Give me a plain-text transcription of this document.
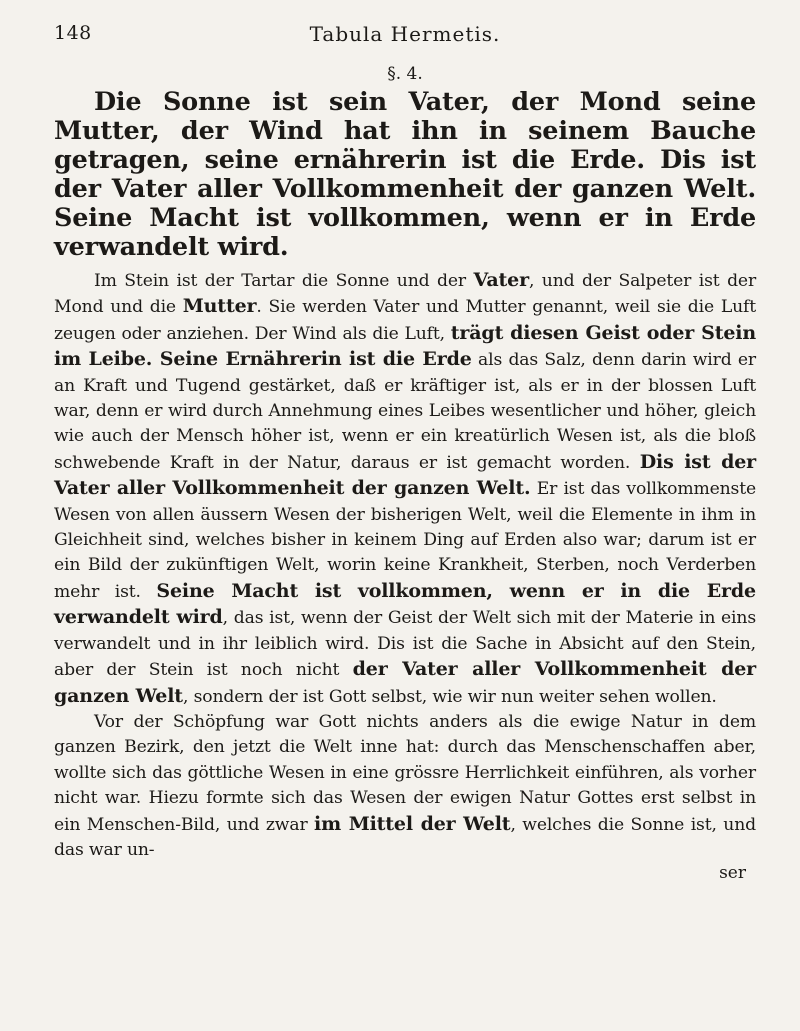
148	Tabula Hermetis.
§. 4.

Die Sonne ist sein Vater, der Mond seine Mutter, der Wind hat ihn in seinem Bauche getragen, seine ernährerin ist die Erde. Dis ist der Vater aller Vollkommenheit der ganzen Welt. Seine Macht ist vollkommen, wenn er in Erde verwandelt wird.

Im Stein ist der Tartar die Sonne und der Vater, und der Salpeter ist der Mond und die Mutter. Sie werden Vater und Mutter genannt, weil sie die Luft zeugen oder anziehen. Der Wind als die Luft, trägt diesen Geist oder Stein im Leibe. Seine Ernährerin ist die Erde als das Salz, denn darin wird er an Kraft und Tugend gestärket, daß er kräftiger ist, als er in der blossen Luft war, denn er wird durch Annehmung eines Leibes wesentlicher und höher, gleich wie auch der Mensch höher ist, wenn er ein kreatürlich Wesen ist, als die bloß schwebende Kraft in der Natur, daraus er ist gemacht worden. Dis ist der Vater aller Vollkommenheit der ganzen Welt. Er ist das vollkommenste Wesen von allen äussern Wesen der bisherigen Welt, weil die Elemente in ihm in Gleichheit sind, welches bisher in keinem Ding auf Erden also war; darum ist er ein Bild der zukünftigen Welt, worin keine Krankheit, Sterben, noch Verderben mehr ist. Seine Macht ist vollkommen, wenn er in die Erde verwandelt wird, das ist, wenn der Geist der Welt sich mit der Materie in eins verwandelt und in ihr leiblich wird. Dis ist die Sache in Absicht auf den Stein, aber der Stein ist noch nicht der Vater aller Vollkommenheit der ganzen Welt, sondern der ist Gott selbst, wie wir nun weiter sehen wollen.

Vor der Schöpfung war Gott nichts anders als die ewige Natur in dem ganzen Bezirk, den jetzt die Welt inne hat: durch das Menschenschaffen aber, wollte sich das göttliche Wesen in eine grössre Herrlichkeit einführen, als vorher nicht war. Hiezu formte sich das Wesen der ewigen Natur Gottes erst selbst in ein Menschen-Bild, und zwar im Mittel der Welt, welches die Sonne ist, und das war un-

ser
